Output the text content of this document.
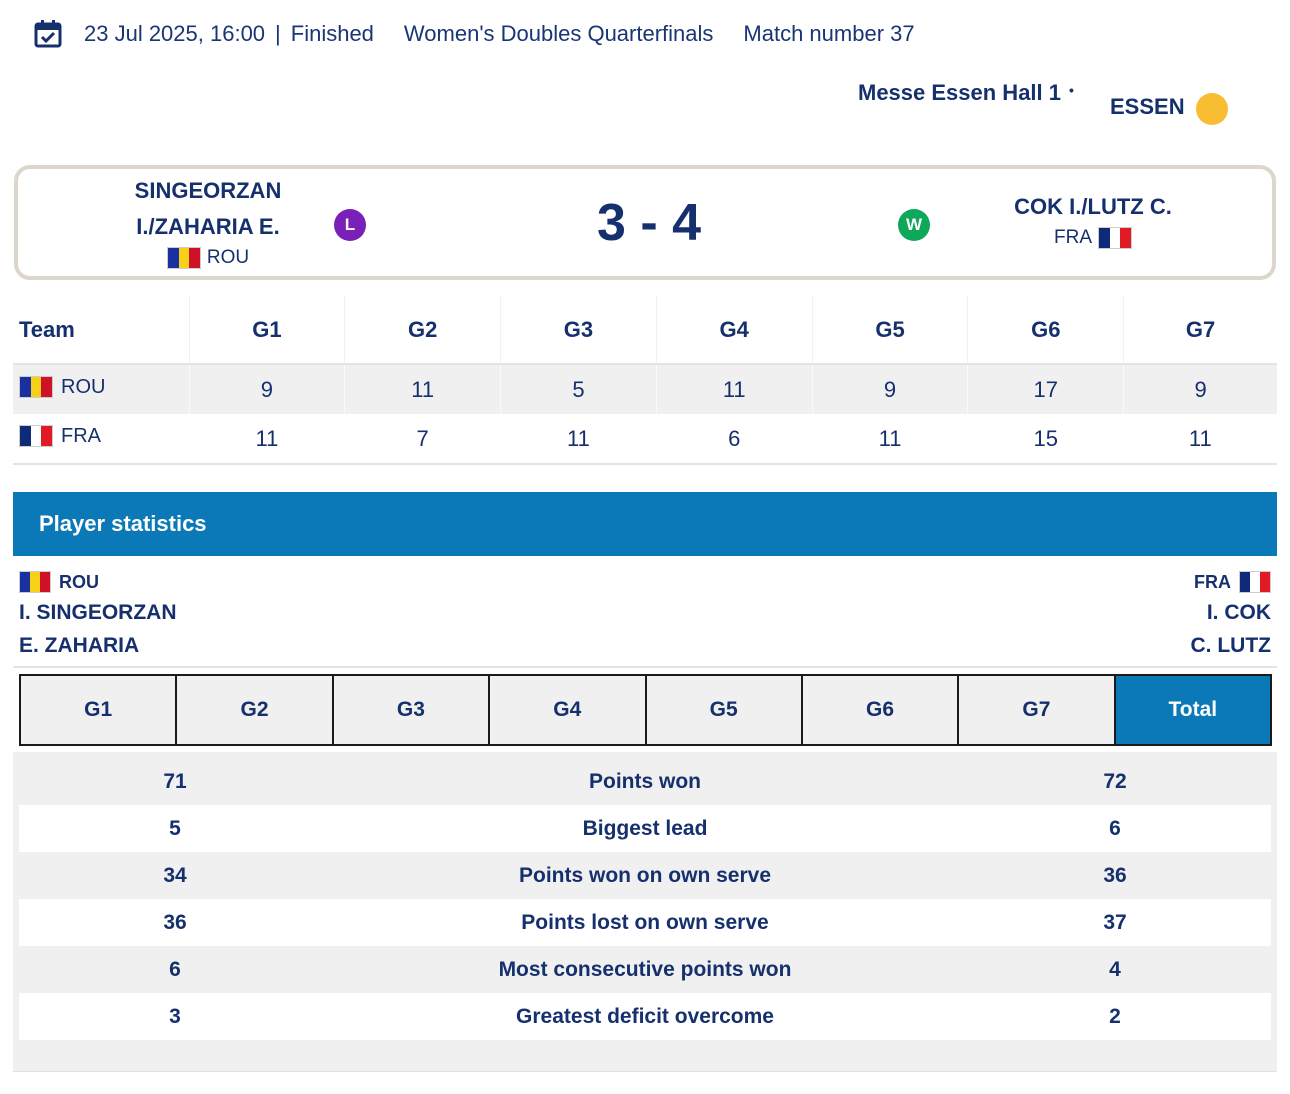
23 Jul 2025, 16:00 | Finished Women's Doubles Quarterfinals Match number 37
Messe Essen Hall 1 •
ESSEN
SINGEORZAN
I./ZAHARIA E.
ROU
L	3 - 4	W
COK I./LUTZ C.
FRA
Team	G1	G2	G3	G4	G5	G6	G7

ROU	9	11	5	11	9	17	9

FRA	11	7	11	6	11	15	11
Player statistics
ROU
I. SINGEORZAN
E. ZAHARIA
FRA
I. COK
C. LUTZ
G1	G2	G3	G4	G5	G6	G7	Total
71	Points won	72
5	Biggest lead	6
34	Points won on own serve	36
36	Points lost on own serve	37
6	Most consecutive points won	4
3	Greatest deficit overcome	2
